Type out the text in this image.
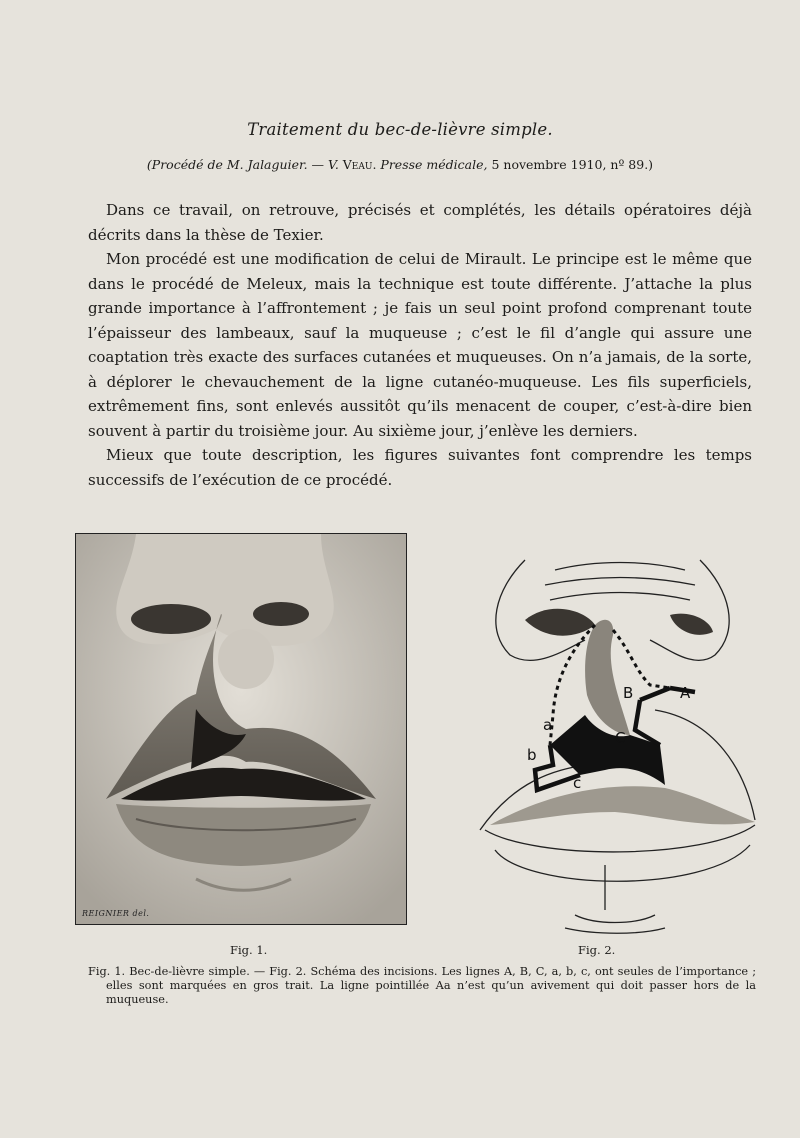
Traitement du bec-de-lièvre simple.
(Procédé de M. Jalaguier. — V. Veau. Presse médicale, 5 novembre 1910, nº 89.)

Dans ce travail, on retrouve, précisés et complétés, les détails opératoires déjà décrits dans la thèse de Texier.

Mon procédé est une modification de celui de Mirault. Le principe est le même que dans le procédé de Meleux, mais la technique est toute différente. J’attache la plus grande importance à l’affrontement ; je fais un seul point profond comprenant toute l’épaisseur des lambeaux, sauf la muqueuse ; c’est le fil d’angle qui assure une coaptation très exacte des surfaces cutanées et muqueuses. On n’a jamais, de la sorte, à déplorer le chevauchement de la ligne cutanéo-muqueuse. Les fils superficiels, extrêmement fins, sont enlevés aussitôt qu’ils menacent de couper, c’est-à-dire bien souvent à partir du troisième jour. Au sixième jour, j’enlève les derniers.

Mieux que toute description, les figures suivantes font comprendre les temps successifs de l’exécution de ce procédé.

REIGNIER del.
A
B
C
a
b
c
Fig. 1.	Fig. 2.

Fig. 1. Bec-de-lièvre simple. — Fig. 2. Schéma des incisions. Les lignes A, B, C, a, b, c, ont seules de l’importance ; elles sont marquées en gros trait. La ligne pointillée Aa n’est qu’un avivement qui doit passer hors de la muqueuse.
